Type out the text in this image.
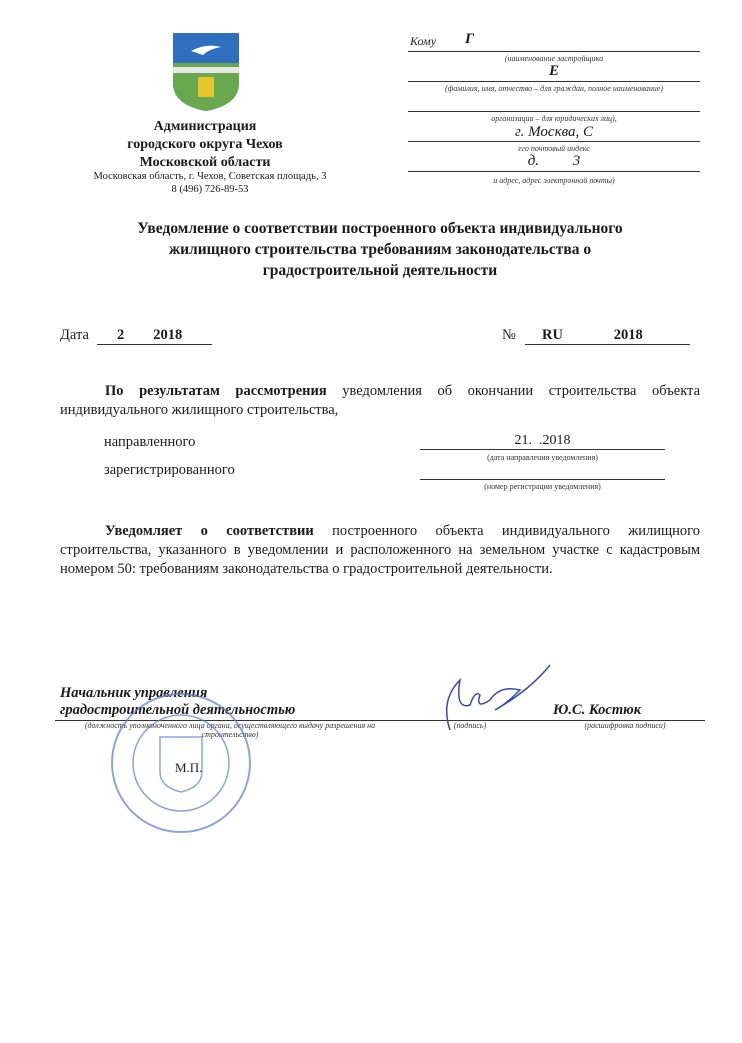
Администрация
городского округа Чехов
Московской области
Московская область, г. Чехов, Советская площадь, 3
8 (496) 726-89-53
Кому Г
(наименование застройщика
Е
(фамилия, имя, отчество – для граждан, полное наименование)
организации – для юридических лиц),
г. Москва, С
его почтовый индекс
д.         3
и адрес, адрес электронной почты)
Уведомление о соответствии построенного объекта индивидуального
жилищного строительства требованиям законодательства о
градостроительной деятельности
Дата	2        2018	№	RU              2018
По результатам рассмотрения уведомления об окончании строительства объекта индивидуального жилищного строительства,
направленного	21.  .2018
(дата направления уведомления)
зарегистрированного
(номер регистрации уведомления)
Уведомляет о соответствии построенного объекта индивидуального жилищного строительства, указанного в уведомлении и расположенного на земельном участке с кадастровым номером 50: требованиям законодательства о градостроительной деятельности.
Начальник управления
градостроительной деятельностью	Ю.С. Костюк
(должность уполномоченного лица органа, осуществляющего выдачу разрешения на строительство)
(подпись)	(расшифровка подписи)
М.П.
